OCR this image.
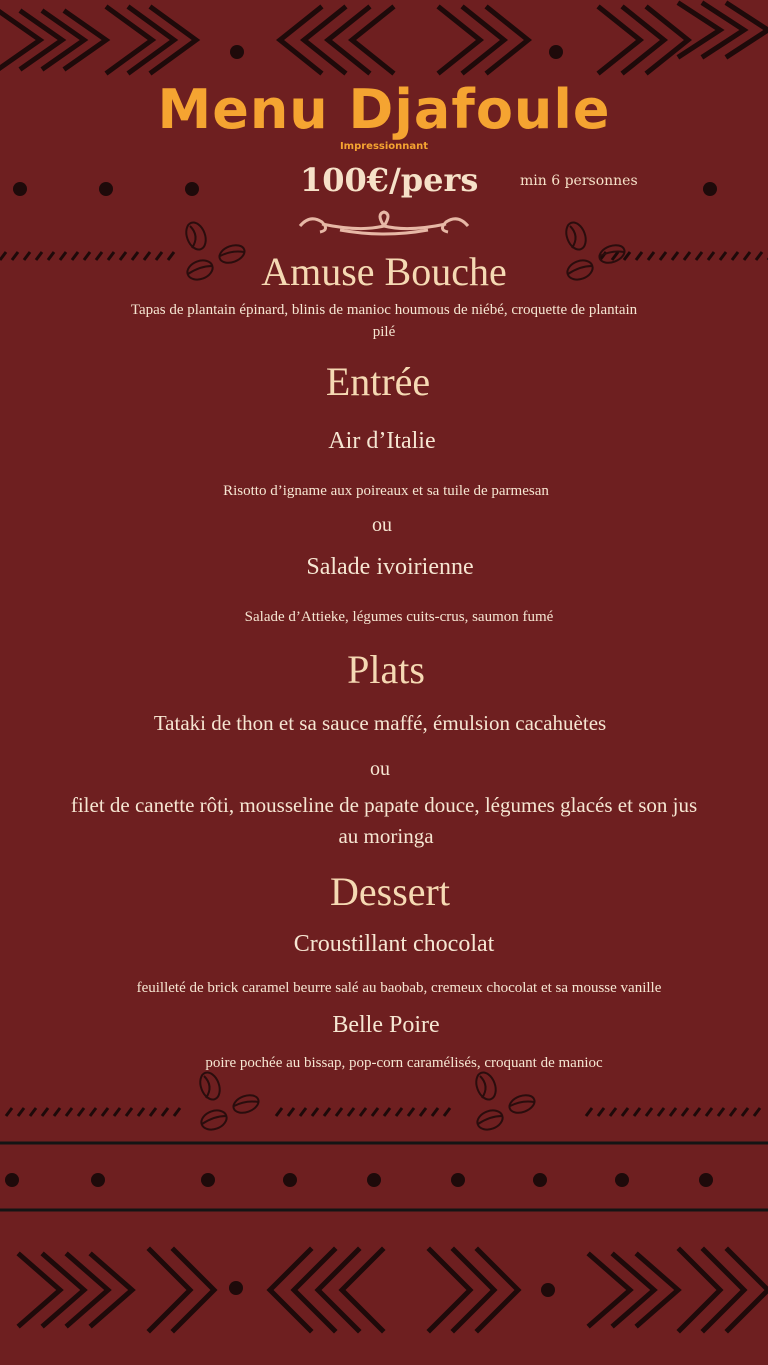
Menu Djafoule
Impressionnant
100€/pers	min 6 personnes
Amuse Bouche
Tapas de plantain épinard, blinis de manioc houmous de niébé, croquette de plantain
pilé
Entrée
Air d’Italie
Risotto d’igname aux poireaux et sa tuile de parmesan
ou
Salade ivoirienne
Salade d’Attieke, légumes cuits-crus, saumon fumé
Plats
Tataki de thon et sa sauce maffé, émulsion cacahuètes
ou
filet de canette rôti, mousseline de papate douce, légumes glacés et son jus
au moringa
Dessert
Croustillant chocolat
feuilleté de brick caramel beurre salé au baobab, cremeux chocolat et sa mousse vanille
Belle Poire
poire pochée au bissap, pop-corn caramélisés, croquant de manioc
